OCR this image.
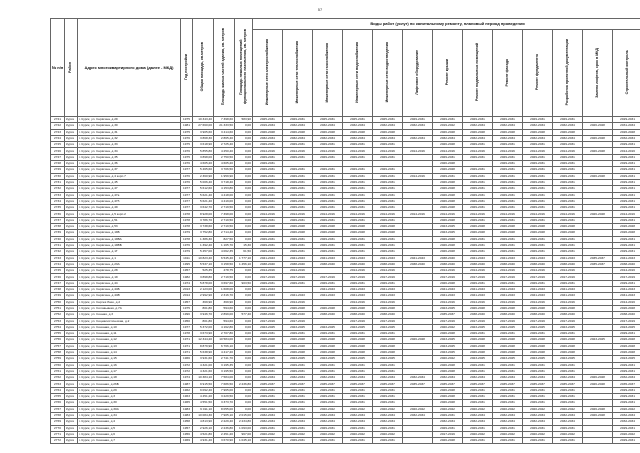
57
№ п/п	Район	Адрес многоквартирного дома (далее - МКД)	Год постройки	Общая площадь, кв.метров	Площадь жилых частей здания, кв. метров	Площадь нежилых помещений функционального назначения, кв. метров	Виды работ (услуг) по капитальному ремонту, плановый период проведения												
							Инженерные сети электроснабжения	Инженерные сети теплоснабжения	Инженерные сети газоснабжения	Инженерные сети водоснабжения	Инженерные сети водоотведения	Лифтовое оборудование	Ремонт крыши	Ремонт подвальных помещений	Ремонт фасада	Ремонт фундамента	Разработка проектной документации	Замена лифтов, срок в МКД	Строительный контроль
2721	Курск	г. Курск, ул. Серёгина, д.29	1975	10 343,40	7 398,60	583,90	2025-2031	2029-2031	2025-2031	2025-2031	2025-2031	2029-2031	2029-2031	2029-2031	2029-2031	2029-2031	2029-2031		2029-2031
2722	Курск	г. Курск, ул. Серёгина, д.30	1981	27 660,00	21 333,50	0,00	2019-2034	2032-2034	2032-2034	2032-2034	2032-2034	2032-2034	2019-2022	2032-2034	2032-2034	2032-2034	2032-2034	2026-2028	2031-2034
2723	Курск	г. Курск, ул. Серёгина, д.31	1975	3 905,60	3 414,60	0,00	2026-2028	2026-2028	2026-2028	2026-2028	2026-2028		2026-2028	2026-2028	2026-2028	2026-2028	2026-2028		2026-2028
2724	Курск	г. Курск, ул. Серёгина, д.32	1976	3 868,30	2 865,40	0,00	2032-2034	2032-2034	2032-2034	2032-2034	2032-2034	2032-2034	2032-2034	2032-2034	2032-2034	2032-2034	2032-2034	2026-2028	2032-2034
2725	Курск	г. Курск, ул. Серёгина, д.33	1975	3 618,90	2 725,40	0,00	2029-2031	2029-2031	2029-2031	2029-2031	2029-2031		2026-2028	2029-2031	2029-2031	2029-2031	2029-2031		2029-2031
2726	Курск	г. Курск, ул. Серёгина, д.34	1976	5 855,80	4 250,40	0,00	2014-2016	2014-2016	2014-2016	2014-2016	2014-2016	2014-2016	2014-2016	2014-2016	2014-2016	2014-2016	2014-2016	2026-2028	2014-2016
2727	Курск	г. Курск, ул. Серёгина, д.35	1975	3 898,00	2 750,50	0,00	2029-2031	2029-2031	2029-2031	2029-2031	2029-2031		2029-2031	2029-2031	2029-2031	2029-2031	2029-2031		2029-2031
2728	Курск	г. Курск, ул. Серёгина, д.36	1976	4 605,20	4 605,20	0,00	2029-2031						2026-2028		2029-2031	2029-2031	2029-2031		2029-2031
2729	Курск	г. Курск, ул. Серёгина, д.37	1977	5 465,60	3 706,50	0,00	2029-2031	2029-2031	2029-2031	2029-2031	2029-2031		2026-2028	2029-2031	2029-2031	2029-2031	2029-2031		2029-2031
2730	Курск	г. Курск, ул. Серёгина, д.4 корп.7	1976	2 360,90	1 959,90	0,00	2029-2031	2029-2031	2029-2031	2029-2031	2029-2031	2014-2016	2029-2031	2029-2031	2029-2031	2029-2031	2029-2031	2026-2028	2029-2031
2731	Курск	г. Курск, ул. Серёгина, д.45	1976	5 006,40	3 718,40	0,00	2029-2031	2029-2031	2029-2031	2029-2031	2029-2031		2026-2028	2029-2031	2029-2031	2029-2031	2029-2031		2029-2031
2732	Курск	г. Курск, ул. Серёгина, д.47	1977	5 612,60	4 153,80	0,00	2029-2031	2029-2031	2029-2031	2029-2031	2029-2031		2026-2028	2029-2031	2029-2031	2029-2031	2029-2031		2029-2031
2733	Курск	г. Курск, ул. Серёгина, д.47а	1977	5 621,40	4 418,00	0,00	2029-2031	2029-2031	2029-2031	2029-2031	2029-2031		2026-2028	2029-2031	2029-2031	2029-2031	2029-2031		2029-2031
2734	Курск	г. Курск, ул. Серёгина, д.47б	1977	5 621,40	4 419,00	0,00	2029-2031	2029-2031	2029-2031	2029-2031	2029-2031		2026-2028	2029-2031	2029-2031	2029-2031	2029-2031		2029-2031
2735	Курск	г. Курск, ул. Серёгина, д.49	1977	3 642,70	2 719,50	0,00	2029-2031	2029-2031	2029-2031	2029-2031	2029-2031		2026-2028	2029-2031	2029-2031	2029-2031	2029-2031		2029-2031
2736	Курск	г. Курск, ул. Серёгина, д.5 корп.2	1978	8 928,00	7 398,00	0,00	2014-2016	2014-2016	2014-2016	2014-2016	2014-2016	2014-2016	2014-2016	2014-2016	2014-2016	2014-2016	2014-2016	2026-2028	2014-2016
2737	Курск	г. Курск, ул. Серёгина, д.51	1978	3 786,70	2 719,50	0,00	2029-2031	2029-2031	2029-2031	2029-2031	2029-2031		2026-2028	2029-2031	2029-2031	2029-2031	2029-2031		2029-2031
2738	Курск	г. Курск, ул. Серёгина, д.53	1978	3 738,60	2 719,50	0,00	2026-2028	2026-2028	2026-2028	2026-2028	2026-2028		2023-2025	2026-2028	2026-2028	2026-2028	2026-2028		2026-2028
2739	Курск	г. Курск, ул. Серёгина, д.19Б	1979	3 752,80	2 714,40	0,00	2026-2028	2026-2028	2026-2028	2026-2028	2026-2028		2023-2025	2026-2028	2026-2028	2026-2028	2026-2028		2026-2028
2740	Курск	г. Курск, ул. Серёгина, д.19ВА	1978	1 386,30	827,50	0,00	2029-2031	2029-2031	2029-2031	2029-2031	2029-2031		2026-2028	2029-2031	2029-2031	2029-2031	2029-2031		2029-2031
2741	Курск	г. Курск, ул. Серёгина, д.19ВБ	1976	1 392,40	1 165,70	15,30	2029-2031	2029-2031	2029-2031	2029-2031	2029-2031		2026-2028	2029-2031	2029-2031	2029-2031	2029-2031		2029-2031
2742	Курск	г. Курск, ул. Серёгина, д.1Г	1979	5 457,00	4 062,35	61,50	2029-2031	2029-2031	2029-2031	2029-2031	2029-2031		2026-2028	2029-2031	2029-2031	2029-2031	2029-2031		2029-2031
2743	Курск	г. Курск, ул. Серёгина, д.1	1911	10 823,40	6 545,40	1 777,10	2041-2043	2041-2043	2041-2043	2041-2043	2041-2043	2041-2043	2038-2040	2041-2043	2041-2043	2041-2043	2041-2043	2035-2037	2041-2043
2744	Курск	г. Курск, ул. Серёгина, д.23А	1995	5 537,10	3 158,50	1 456,10	2038-2040	2038-2040	2038-2040	2038-2040	2038-2040	2038-2040	2038-2040	2038-2040	2038-2040	2038-2040	2038-2040	2035-2037	2038-2040
2745	Курск	г. Курск, ул. Серёгина, д.28	1957	525,35	478,75	0,00	2014-2016	2014-2016		2014-2016	2014-2016		2014-2016	2014-2016	2014-2016	2014-2016	2014-2016		2014-2016
2746	Курск	г. Курск, ул. Серёгина, д.19	1982	3 898,80	2 719,50	0,00	2017-2019	2017-2019	2017-2019	2017-2019	2017-2019		2017-2019	2017-2019	2017-2019	2017-2019	2017-2019		2017-2019
2747	Курск	г. Курск, ул. Серёгина, д.44	1974	5 878,00	3 697,60	903,50	2029-2031	2029-2031	2029-2031	2029-2031	2029-2031		2026-2028	2029-2031	2029-2031	2029-2031	2029-2031		2029-2031
2748	Курск	г. Курск, ул. Серёгина, д.44Б	2013	2 123,00	1 608,00	0,00	2041-2043		2041-2043	2041-2043	2041-2043		2041-2043	2041-2043	2041-2043	2041-2043	2041-2043		2041-2043
2749	Курск	г. Курск, ул. Серёгина, д.44В	2014	2 992,90	2 316,70	0,00	2041-2043	2041-2043	2041-2043	2041-2043	2041-2043		2041-2043	2041-2043	2041-2043	2041-2043	2041-2043		2041-2043
2750	Курск	г. Курск, ул. Сергея Лазо, д.2	1957	369,90	369,90	0,00	2014-2016	2014-2016		2014-2016	2014-2016		2014-2016	2014-2016	2014-2016	2014-2016	2014-2016		2014-2016
2751	Курск	г. Курск, ул. Соловьиная, д.7А	1975	801,80	594,60	0,00	2026-2028	2026-2028	2026-2028	2026-2028	2026-2028		2023-2025	2026-2028	2026-2028	2026-2028	2026-2028		2026-2028
2752	Курск	г. Курск, ул. Сонная, д.3	1996	3 946,70	2 899,00	577,40	2038-2040	2038-2040	2038-2040	2038-2040	2038-2040		2035-2037	2038-2040	2038-2040	2038-2040	2038-2040		2038-2040
2753	Курск	г. Курск, ул. Социалистическая, д.2	1950	801,80	594,60	0,00	2017-2019	2017-2019		2017-2019	2017-2019		2017-2019	2017-2019	2017-2019	2017-2019	2017-2019		2017-2019
2754	Курск	г. Курск, ул. Союзная, д.10	1977	5 372,00	4 162,80	0,00	2023-2025	2023-2025	2023-2025	2023-2025	2023-2025		2020-2022	2023-2025	2023-2025	2023-2025	2023-2025		2023-2025
2755	Курск	г. Курск, ул. Союзная, д.11	1978	3 673,90	2 707,80	0,00	2029-2031	2029-2031	2029-2031	2029-2031	2029-2031		2026-2028	2029-2031	2029-2031	2029-2031	2029-2031		2029-2031
2756	Курск	г. Курск, ул. Союзная, д.12	1971	12 344,20	10 584,00	0,00	2026-2028	2026-2028	2026-2028	2026-2028	2026-2028	2026-2028	2023-2025	2026-2028	2026-2028	2026-2028	2026-2028	2023-2025	2026-2028
2757	Курск	г. Курск, ул. Союзная, д.13	1971	8 879,90	6 766,10	0,00	2026-2028	2026-2028	2026-2028	2026-2028	2026-2028		2023-2025	2026-2028	2026-2028	2026-2028	2026-2028		2026-2028
2758	Курск	г. Курск, ул. Союзная, д.14	1971	5 638,90	4 417,20	0,00	2026-2028	2026-2028	2026-2028	2026-2028	2026-2028		2023-2025	2026-2028	2026-2028	2026-2028	2026-2028		2026-2028
2759	Курск	г. Курск, ул. Союзная, д.15	1966	3 931,60	2 741,70	0,00	2023-2025	2023-2025	2023-2025	2023-2025	2023-2025		2020-2022	2023-2025	2023-2025	2023-2025	2023-2025		2023-2025
2760	Курск	г. Курск, ул. Союзная, д.16	1972	4 321,00	3 195,35	0,00	2029-2031	2029-2031	2029-2031	2029-2031	2029-2031		2026-2028	2029-2031	2029-2031	2029-2031	2029-2031		2029-2031
2761	Курск	г. Курск, ул. Союзная, д.17	1972	4 321,60	3 195,50	0,00	2029-2031	2029-2031	2029-2031	2029-2031	2029-2031		2026-2028	2029-2031	2029-2031	2029-2031	2029-2031		2029-2031
2762	Курск	г. Курск, ул. Союзная, д.18	1974	10 384,10	7 584,00	0,00	2032-2034	2032-2034	2032-2034	2032-2034	2032-2034	2032-2034	2032-2034	2032-2034	2032-2034	2032-2034	2032-2034	2026-2028	2032-2034
2763	Курск	г. Курск, ул. Союзная, д.26Б	1987	9 915,50	7 686,50	2 236,80	2035-2037	2035-2037	2035-2037	2035-2037	2035-2037	2035-2037	2035-2037	2035-2037	2035-2037	2035-2037	2035-2037	2026-2028	2035-2037
2764	Курск	г. Курск, ул. Союзная, д.29	1962	9 092,40	7 965,00	0,00	2029-2031	2029-2031	2029-2031	2029-2031	2029-2031		2026-2028	2029-2031	2029-2031	2029-2031	2029-2031		2029-2031
2765	Курск	г. Курск, ул. Союзная, д.3	1963	4 451,20	3 229,50	0,00	2029-2031	2029-2031	2029-2031	2029-2031	2029-2031		2026-2028	2029-2031	2029-2031	2029-2031	2029-2031		2029-2031
2766	Курск	г. Курск, ул. Союзная, д.30	1965	4 551,50	3 373,70	0,00	2029-2031	2029-2031	2029-2031	2029-2031	2029-2031		2026-2028	2029-2031	2029-2031	2029-2031	2029-2031		2029-2031
2767	Курск	г. Курск, ул. Союзная, д.30А	1983	9 011,10	8 055,00	0,00	2020-2022	2020-2022	2020-2022	2020-2022	2020-2022	2020-2022	2020-2022	2020-2022	2020-2022	2020-2022	2020-2022	2026-2028	2020-2022
2768	Курск	г. Курск, ул. Союзная, д.34	1983	10 084,30	7 905,10	2 015,00	2032-2034	2032-2034	2032-2034	2032-2034	2032-2034	2032-2034	2029-2031	2032-2034	2032-2034	2032-2034	2032-2034	2026-2028	2032-2034
2769	Курск	г. Курск, ул. Союзная, д.4	1958	4 813,90	2 229,40	2 234,80	2032-2034	2032-2034	2032-2034	2032-2034	2032-2034		2032-2034	2032-2034	2032-2034	2032-2034	2032-2034		2032-2034
2770	Курск	г. Курск, ул. Союзная, д.5	1957	2 926,10	2 236,80	1 093,00	2029-2031	2029-2031	2029-2031	2029-2031	2029-2031		2029-2031	2029-2031	2029-2031	2029-2031	2029-2031		2029-2031
2771	Курск	г. Курск, ул. Союзная, д.6	1956	4 521,80	2 451,20	967,00	2020-2022	2020-2022	2020-2022	2020-2022	2020-2022		2017-2019	2020-2022	2020-2022	2020-2022	2020-2022		2020-2022
2772	Курск	г. Курск, ул. Союзная, д.7	1969	4 931,40	3 670,90	1 045,10	2029-2031	2029-2031	2029-2031	2029-2031	2029-2031		2026-2028	2029-2031	2029-2031	2029-2031	2029-2031		2029-2031
